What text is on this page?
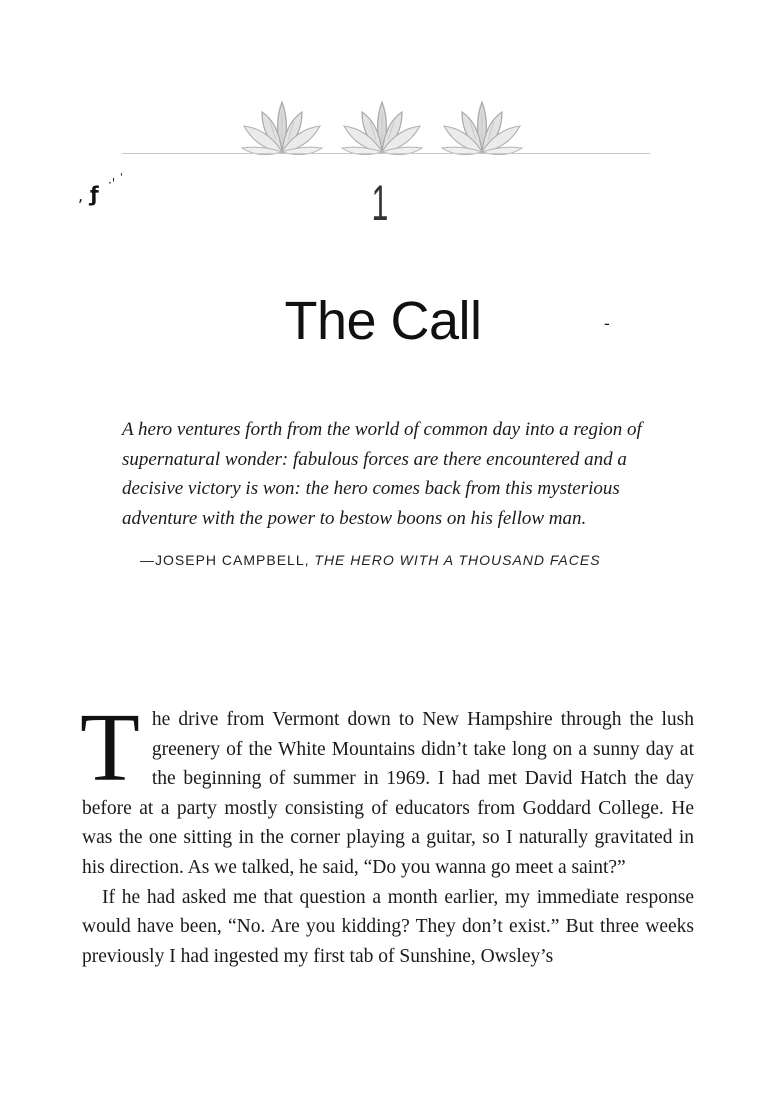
, ƒ ·' '
-
1
The Call

A hero ventures forth from the world of common day into a region of supernatural wonder: fabulous forces are there encountered and a decisive victory is won: the hero comes back from this mysterious adventure with the power to bestow boons on his fellow man.

—JOSEPH CAMPBELL, THE HERO WITH A THOUSAND FACES

The drive from Vermont down to New Hampshire through the lush greenery of the White Mountains didn’t take long on a sunny day at the beginning of summer in 1969. I had met David Hatch the day before at a party mostly consisting of educators from Goddard College. He was the one sitting in the corner playing a guitar, so I naturally gravitated in his direction. As we talked, he said, “Do you wanna go meet a saint?”

If he had asked me that question a month earlier, my immediate response would have been, “No. Are you kidding? They don’t exist.” But three weeks previously I had ingested my first tab of Sunshine, Owsley’s
